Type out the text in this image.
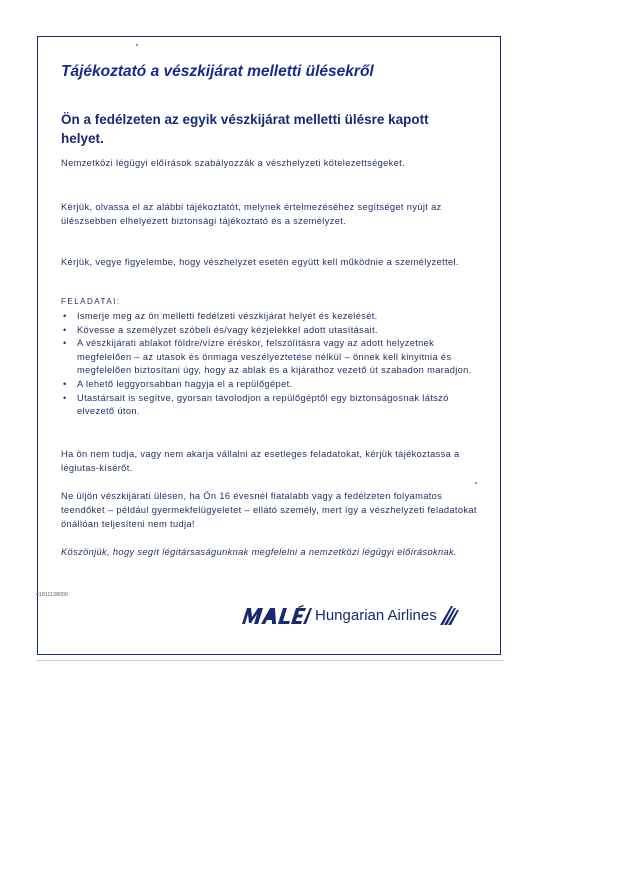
Tájékoztató a vészkijárat melletti ülésekről
Ön a fedélzeten az egyik vészkijárat melletti ülésre kapott helyet.
Nemzetközi légügyi előírások szabályozzák a vészhelyzeti kötelezettségeket.
Kérjük, olvassa el az alábbi tájékoztatót, melynek értelmezéséhez segítséget nyújt az ülészsebben elhelyezett biztonsági tájékoztató és a személyzet.
Kérjük, vegye figyelembe, hogy vészhelyzet esetén együtt kell működnie a személyzettel.
FELADATAI:
• Ismerje meg az ön melletti fedélzeti vészkijárat helyét és kezelését.
• Kövesse a személyzet szóbeli és/vagy kézjelekkel adott utasításait.
• A vészkijárati ablakot földre/vízre éréskor, felszólításra vagy az adott helyzetnek megfelelően – az utasok és önmaga veszélyeztetése nélkül – önnek kell kinyitnia és megfelelően biztosítani úgy, hogy az ablak és a kijárathoz vezető út szabadon maradjon.
• A lehető leggyorsabban hagyja el a repülőgépet.
• Utastársait is segítve, gyorsan távolodjon a repülőgéptől egy biztonságosnak látszó elvezető úton.
Ha ön nem tudja, vagy nem akarja vállalni az esetleges feladatokat, kérjük tájékoztassa a légiutas-kísérőt.
Ne üljön vészkijárati ülésen, ha Ön 16 évesnél fiatalabb vagy a fedélzeten folyamatos teendőket – például gyermekfelügyeletet – ellátó személy, mert így a vészhelyzeti feladatokat önállóan teljesíteni nem tudja!
Köszönjük, hogy segít légitársaságunknak megfelelni a nemzetközi légügyi előírásoknak.
41811138000
Hungarian Airlines
